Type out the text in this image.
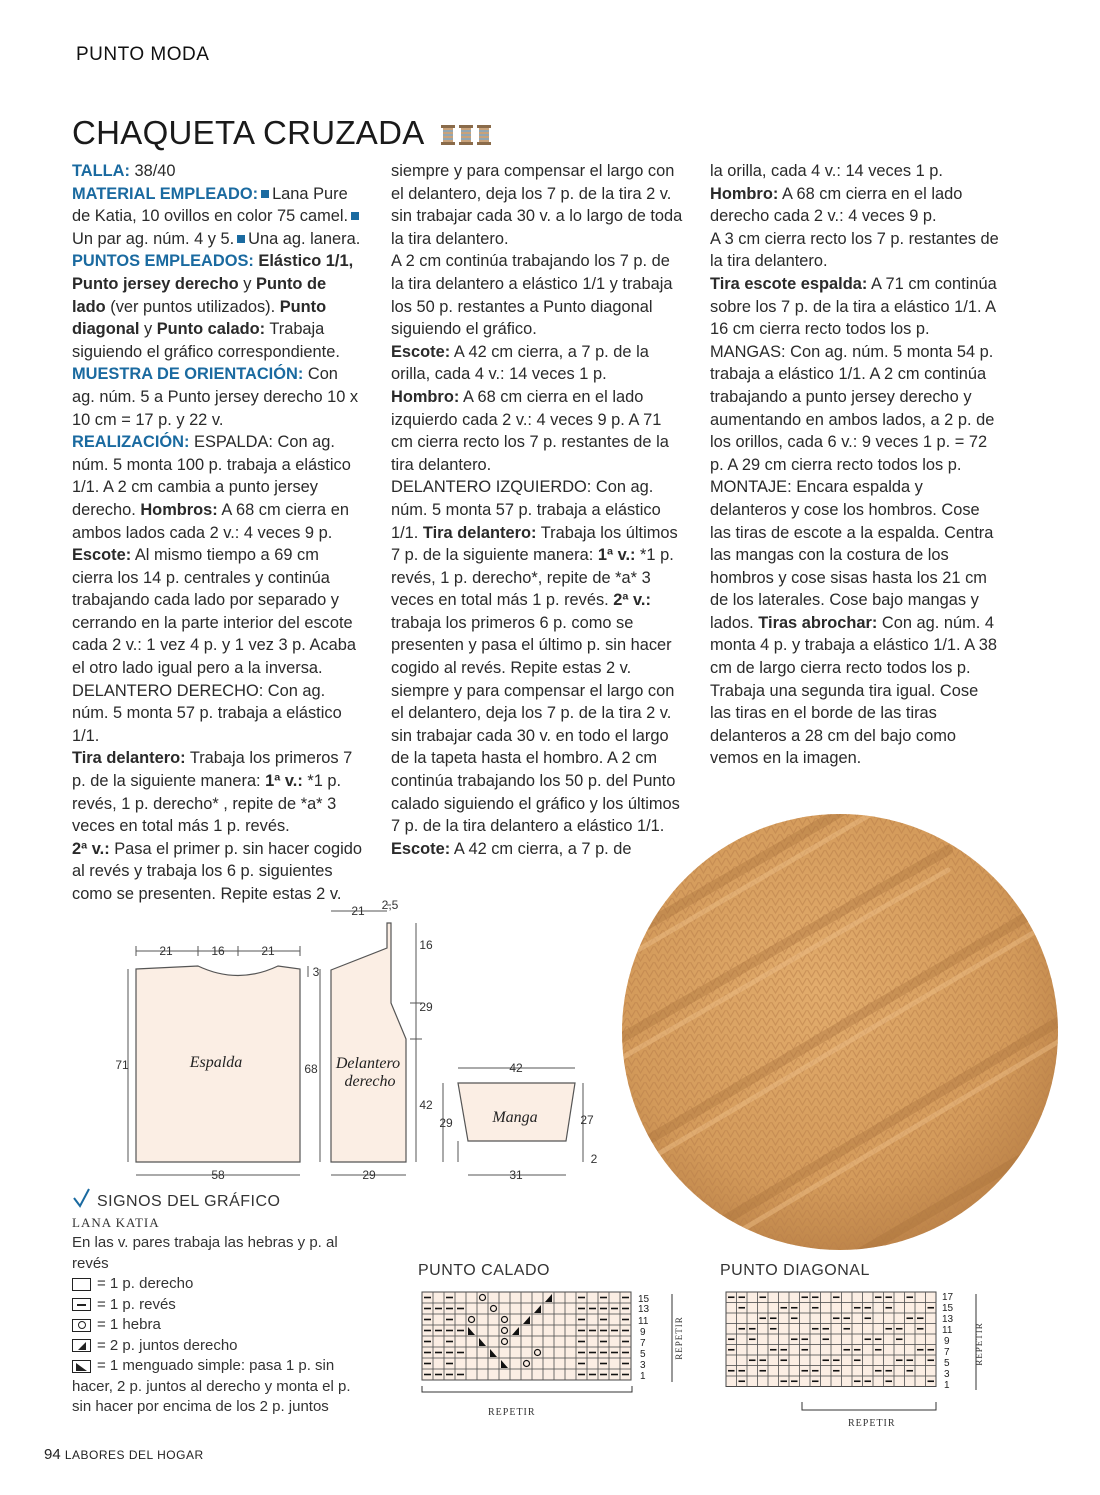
PUNTO MODA
CHAQUETA CRUZADA

TALLA: 38/40

MATERIAL EMPLEADO: Lana Pure de Katia, 10 ovillos en color 75 camel.Un par ag. núm. 4 y 5. Una ag. lanera.

PUNTOS EMPLEADOS: Elástico 1/1, Punto jersey derecho y Punto de lado (ver puntos utilizados). Punto diagonal y Punto calado: Trabaja siguiendo el gráfico correspondiente.

MUESTRA DE ORIENTACIÓN: Con ag. núm. 5 a Punto jersey derecho 10 x 10 cm = 17 p. y 22 v.

REALIZACIÓN: ESPALDA: Con ag. núm. 5 monta 100 p. trabaja a elástico 1/1. A 2 cm cambia a punto jersey derecho. Hombros: A 68 cm cierra en ambos lados cada 2 v.: 4 veces 9 p. Escote: Al mismo tiempo a 69 cm cierra los 14 p. centrales y continúa trabajando cada lado por separado y cerrando en la parte interior del escote cada 2 v.: 1 vez 4 p. y 1 vez 3 p. Acaba el otro lado igual pero a la inversa.

DELANTERO DERECHO: Con ag. núm. 5 monta 57 p. trabaja a elástico 1/1.

Tira delantero: Trabaja los primeros 7 p. de la siguiente manera: 1ª v.: *1 p. revés, 1 p. derecho* , repite de *a* 3 veces en total más 1 p. revés.

2ª v.: Pasa el primer p. sin hacer cogido al revés y trabaja los 6 p. siguientes como se presenten. Repite estas 2 v.

siempre y para compensar el largo con el delantero, deja los 7 p. de la tira 2 v. sin trabajar cada 30 v. a lo largo de toda la tira delantero.

A 2 cm continúa trabajando los 7 p. de la tira delantero a elástico 1/1 y trabaja los 50 p. restantes a Punto diagonal siguiendo el gráfico.

Escote: A 42 cm cierra, a 7 p. de la orilla, cada 4 v.: 14 veces 1 p.

Hombro: A 68 cm cierra en el lado izquierdo cada 2 v.: 4 veces 9 p. A 71 cm cierra recto los 7 p. restantes de la tira delantero.

DELANTERO IZQUIERDO: Con ag. núm. 5 monta 57 p. trabaja a elástico 1/1. Tira delantero: Trabaja los últimos 7 p. de la siguiente manera: 1ª v.: *1 p. revés, 1 p. derecho*, repite de *a* 3 veces en total más 1 p. revés. 2ª v.: trabaja los primeros 6 p. como se presenten y pasa el último p. sin hacer cogido al revés. Repite estas 2 v. siempre y para compensar el largo con el delantero, deja los 7 p. de la tira 2 v. sin trabajar cada 30 v. en todo el largo de la tapeta hasta el hombro. A 2 cm continúa trabajando los 50 p. del Punto calado siguiendo el gráfico y los últimos 7 p. de la tira delantero a elástico 1/1.

Escote: A 42 cm cierra, a 7 p. de

la orilla, cada 4 v.: 14 veces 1 p.

Hombro: A 68 cm cierra en el lado derecho cada 2 v.: 4 veces 9 p.

A 3 cm cierra recto los 7 p. restantes de la tira delantero.

Tira escote espalda: A 71 cm continúa sobre los 7 p. de la tira a elástico 1/1. A 16 cm cierra recto todos los p.

MANGAS: Con ag. núm. 5 monta 54 p. trabaja a elástico 1/1. A 2 cm continúa trabajando a punto jersey derecho y aumentando en ambos lados, a 2 p. de los orillos, cada 6 v.: 9 veces 1 p. = 72 p. A 29 cm cierra recto todos los p.

MONTAJE: Encara espalda y delanteros y cose los hombros. Cose las tiras de escote a la espalda. Centra las mangas con la costura de los hombros y cose sisas hasta los 21 cm de los laterales. Cose bajo mangas y lados. Tiras abrochar: Con ag. núm. 4 monta 4 p. y trabaja a elástico 1/1. A 38 cm de largo cierra recto todos los p. Trabaja una segunda tira igual. Cose las tiras en el borde de las tiras delanteros a 28 cm del bajo como vemos en la imagen.

21	16	21
3
71	68
58
21 2,5
16
29
42
29
42
29	27
2
31
Espalda	Delantero
derecho
Manga
SIGNOS DEL GRÁFICO
LANA KATIA
En las v. pares trabaja las hebras y p. al revés
= 1 p. derecho
= 1 p. revés
= 1 hebra
= 2 p. juntos derecho
= 1 menguado simple: pasa 1 p. sin hacer, 2 p. juntos al derecho y monta el p. sin hacer por encima de los 2 p. juntos
PUNTO CALADO	PUNTO DIAGONAL
15
13
11
9
7
5
3
1
REPETIR
REPETIR
17
15
13
11
9
7
5
3
1
REPETIR
REPETIR
94 LABORES DEL HOGAR
